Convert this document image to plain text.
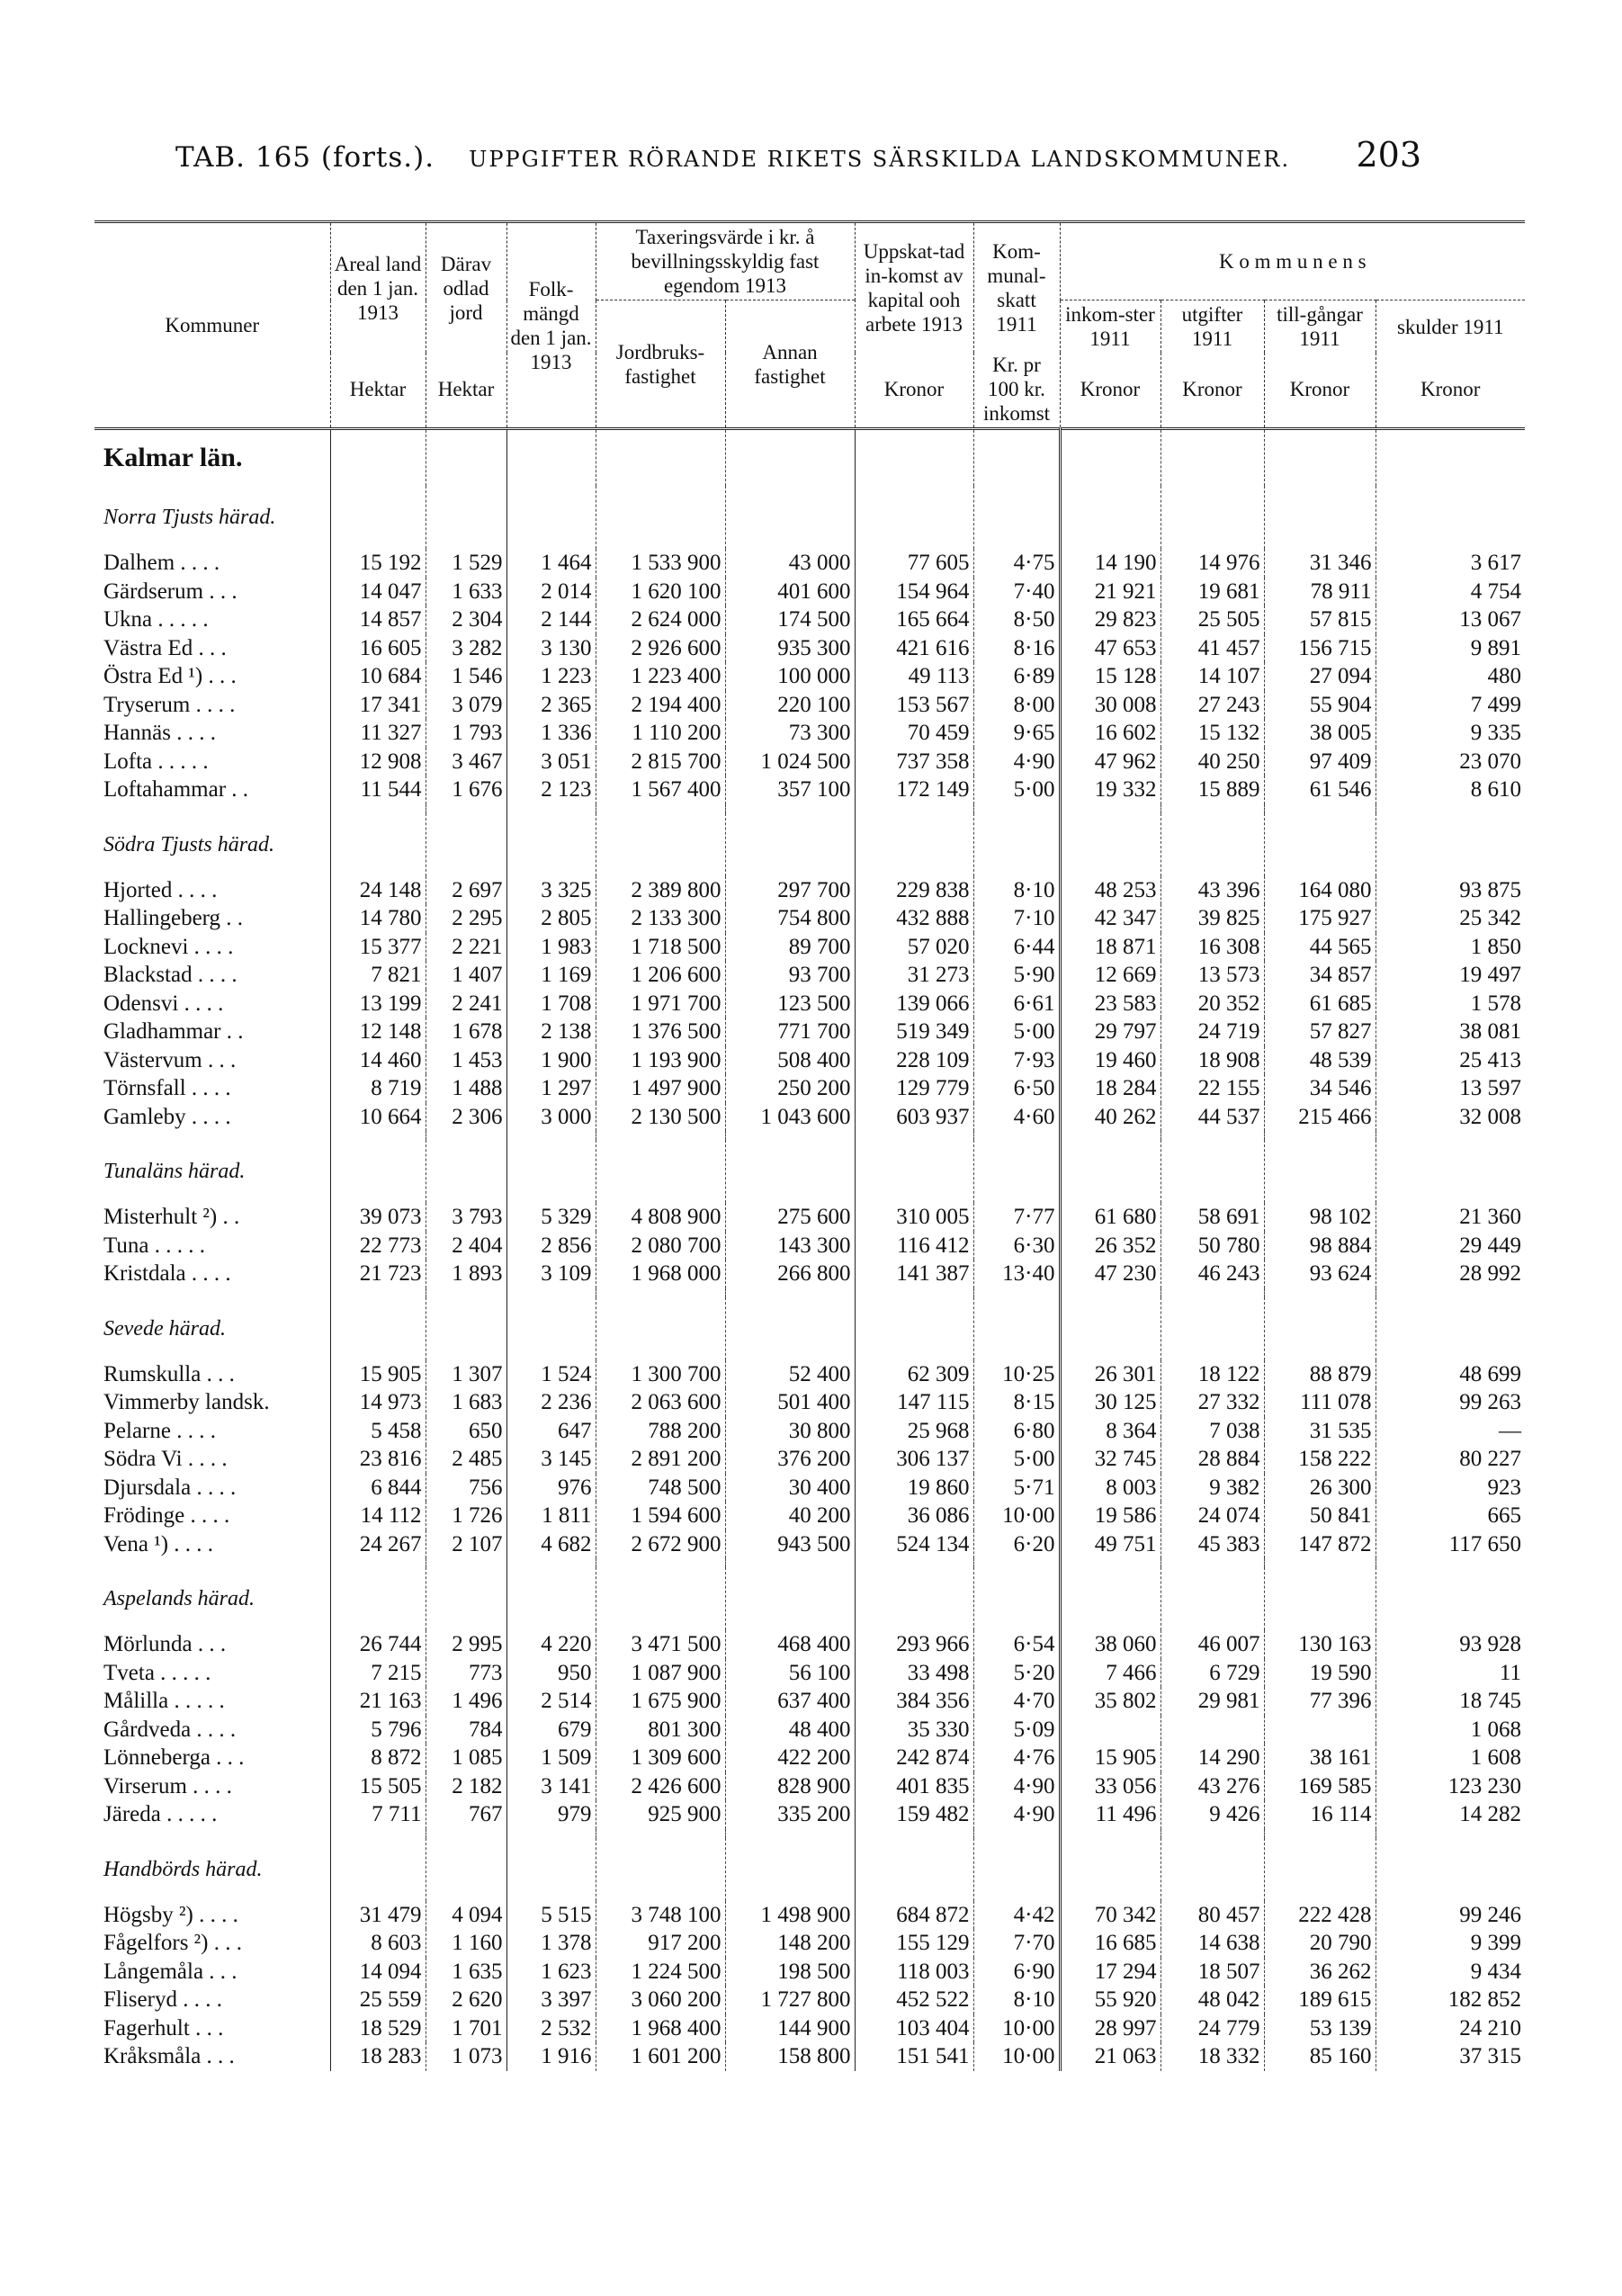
TAB. 165 (forts.). UPPGIFTER RÖRANDE RIKETS SÄRSKILDA LANDSKOMMUNER. 203
Kommuner	Areal land den 1 jan. 1913	Därav odlad jord	Folk-mängd den 1 jan. 1913	Taxeringsvärde i kr. å bevillningsskyldig fast egendom 1913		Uppskat-tad in-komst av kapital ooh arbete 1913	Kom-munal-skatt 1911	K o m m u n e n s			
				Jordbruks-fastighet	Annan fastighet			inkom-ster 1911	utgifter 1911	till-gångar 1911	skulder 1911
	Hektar	Hektar				Kronor	Kr. pr 100 kr. inkomst	Kronor	Kronor	Kronor	Kronor
Kalmar län.											
Norra Tjusts härad.											
Dalhem . . . .	15 192	1 529	1 464	1 533 900	43 000	77 605	4·75	14 190	14 976	31 346	3 617
Gärdserum . . .	14 047	1 633	2 014	1 620 100	401 600	154 964	7·40	21 921	19 681	78 911	4 754
Ukna . . . . .	14 857	2 304	2 144	2 624 000	174 500	165 664	8·50	29 823	25 505	57 815	13 067
Västra Ed . . .	16 605	3 282	3 130	2 926 600	935 300	421 616	8·16	47 653	41 457	156 715	9 891
Östra Ed ¹) . . .	10 684	1 546	1 223	1 223 400	100 000	49 113	6·89	15 128	14 107	27 094	480
Tryserum . . . .	17 341	3 079	2 365	2 194 400	220 100	153 567	8·00	30 008	27 243	55 904	7 499
Hannäs . . . .	11 327	1 793	1 336	1 110 200	73 300	70 459	9·65	16 602	15 132	38 005	9 335
Lofta . . . . .	12 908	3 467	3 051	2 815 700	1 024 500	737 358	4·90	47 962	40 250	97 409	23 070
Loftahammar . .	11 544	1 676	2 123	1 567 400	357 100	172 149	5·00	19 332	15 889	61 546	8 610

Södra Tjusts härad.											
Hjorted . . . .	24 148	2 697	3 325	2 389 800	297 700	229 838	8·10	48 253	43 396	164 080	93 875
Hallingeberg . .	14 780	2 295	2 805	2 133 300	754 800	432 888	7·10	42 347	39 825	175 927	25 342
Locknevi . . . .	15 377	2 221	1 983	1 718 500	89 700	57 020	6·44	18 871	16 308	44 565	1 850
Blackstad . . . .	7 821	1 407	1 169	1 206 600	93 700	31 273	5·90	12 669	13 573	34 857	19 497
Odensvi . . . .	13 199	2 241	1 708	1 971 700	123 500	139 066	6·61	23 583	20 352	61 685	1 578
Gladhammar . .	12 148	1 678	2 138	1 376 500	771 700	519 349	5·00	29 797	24 719	57 827	38 081
Västervum . . .	14 460	1 453	1 900	1 193 900	508 400	228 109	7·93	19 460	18 908	48 539	25 413
Törnsfall . . . .	8 719	1 488	1 297	1 497 900	250 200	129 779	6·50	18 284	22 155	34 546	13 597
Gamleby . . . .	10 664	2 306	3 000	2 130 500	1 043 600	603 937	4·60	40 262	44 537	215 466	32 008

Tunaläns härad.											
Misterhult ²) . .	39 073	3 793	5 329	4 808 900	275 600	310 005	7·77	61 680	58 691	98 102	21 360
Tuna . . . . .	22 773	2 404	2 856	2 080 700	143 300	116 412	6·30	26 352	50 780	98 884	29 449
Kristdala . . . .	21 723	1 893	3 109	1 968 000	266 800	141 387	13·40	47 230	46 243	93 624	28 992

Sevede härad.											
Rumskulla . . .	15 905	1 307	1 524	1 300 700	52 400	62 309	10·25	26 301	18 122	88 879	48 699
Vimmerby landsk.	14 973	1 683	2 236	2 063 600	501 400	147 115	8·15	30 125	27 332	111 078	99 263
Pelarne . . . .	5 458	650	647	788 200	30 800	25 968	6·80	8 364	7 038	31 535	—
Södra Vi . . . .	23 816	2 485	3 145	2 891 200	376 200	306 137	5·00	32 745	28 884	158 222	80 227
Djursdala . . . .	6 844	756	976	748 500	30 400	19 860	5·71	8 003	9 382	26 300	923
Frödinge . . . .	14 112	1 726	1 811	1 594 600	40 200	36 086	10·00	19 586	24 074	50 841	665
Vena ¹) . . . .	24 267	2 107	4 682	2 672 900	943 500	524 134	6·20	49 751	45 383	147 872	117 650

Aspelands härad.											
Mörlunda . . .	26 744	2 995	4 220	3 471 500	468 400	293 966	6·54	38 060	46 007	130 163	93 928
Tveta . . . . .	7 215	773	950	1 087 900	56 100	33 498	5·20	7 466	6 729	19 590	11
Målilla . . . . .	21 163	1 496	2 514	1 675 900	637 400	384 356	4·70	35 802	29 981	77 396	18 745
Gårdveda . . . .	5 796	784	679	801 300	48 400	35 330	5·09				1 068
Lönneberga . . .	8 872	1 085	1 509	1 309 600	422 200	242 874	4·76	15 905	14 290	38 161	1 608
Virserum . . . .	15 505	2 182	3 141	2 426 600	828 900	401 835	4·90	33 056	43 276	169 585	123 230
Järeda . . . . .	7 711	767	979	925 900	335 200	159 482	4·90	11 496	9 426	16 114	14 282

Handbörds härad.											
Högsby ²) . . . .	31 479	4 094	5 515	3 748 100	1 498 900	684 872	4·42	70 342	80 457	222 428	99 246
Fågelfors ²) . . .	8 603	1 160	1 378	917 200	148 200	155 129	7·70	16 685	14 638	20 790	9 399
Långemåla . . .	14 094	1 635	1 623	1 224 500	198 500	118 003	6·90	17 294	18 507	36 262	9 434
Fliseryd . . . .	25 559	2 620	3 397	3 060 200	1 727 800	452 522	8·10	55 920	48 042	189 615	182 852
Fagerhult . . .	18 529	1 701	2 532	1 968 400	144 900	103 404	10·00	28 997	24 779	53 139	24 210
Kråksmåla . . .	18 283	1 073	1 916	1 601 200	158 800	151 541	10·00	21 063	18 332	85 160	37 315
